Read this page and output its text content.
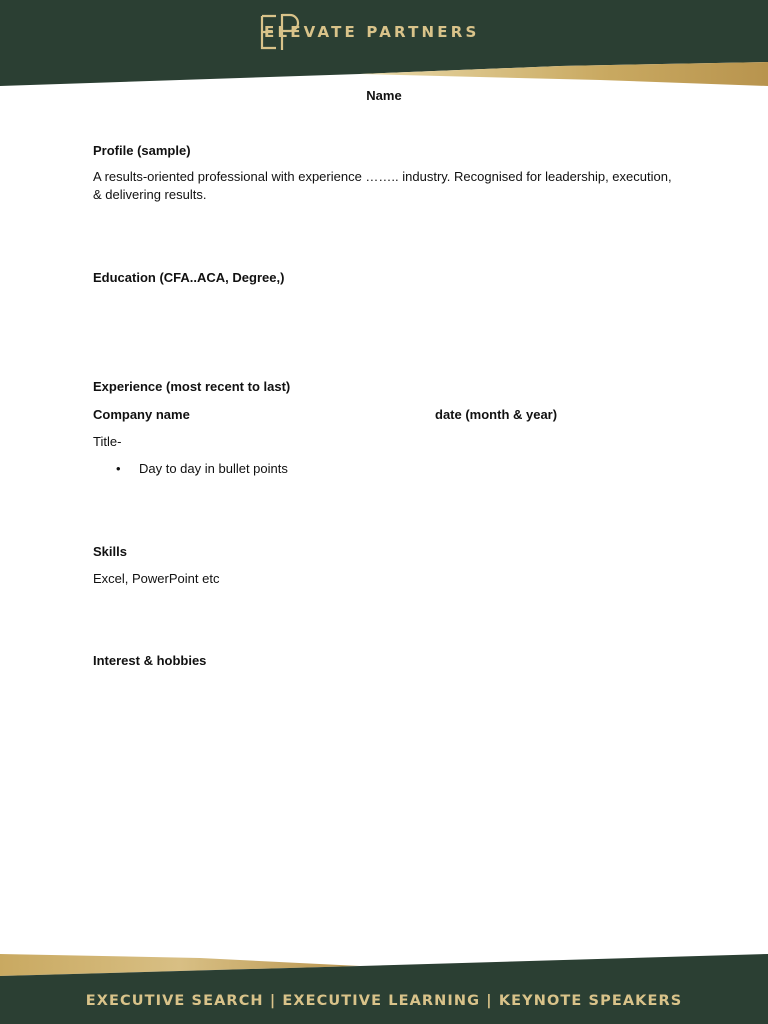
ELEVATE PARTNERS
Name
Profile (sample)
A results-oriented professional with experience …….. industry. Recognised for leadership, execution, & delivering results.
Education (CFA..ACA, Degree,)
Experience (most recent to last)
Company name	date (month & year)
Title-
•	Day to day in bullet points
Skills
Excel, PowerPoint etc
Interest & hobbies
EXECUTIVE SEARCH | EXECUTIVE LEARNING | KEYNOTE SPEAKERS
